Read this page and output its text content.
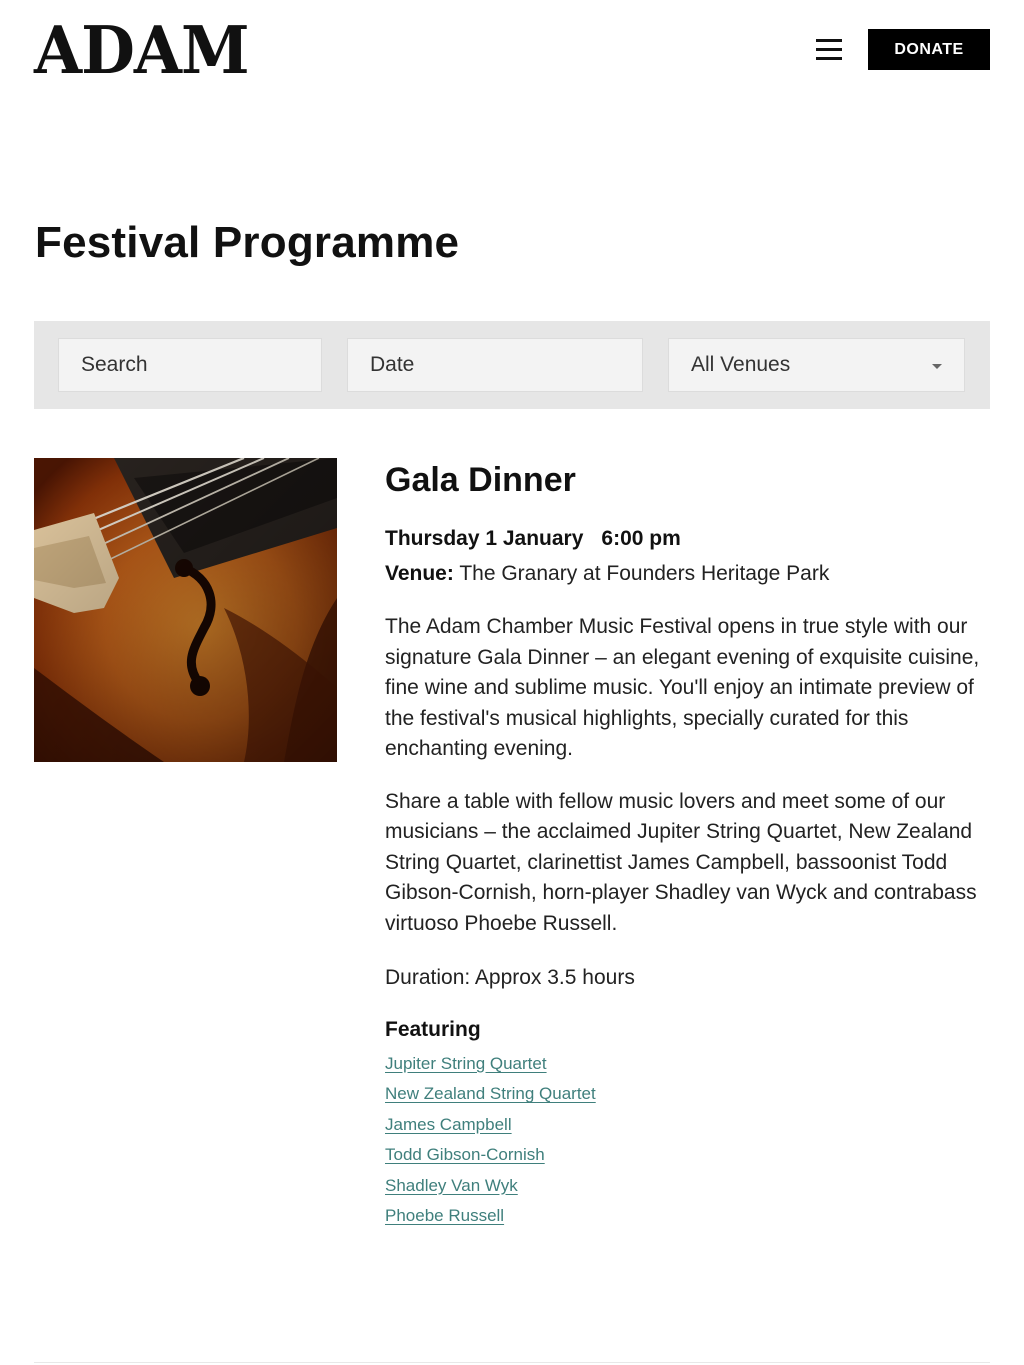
ADAM	DONATE
Festival Programme
Search
Date
All Venues
Gala Dinner
Thursday 1 January 6:00 pm
Venue: The Granary at Founders Heritage Park

The Adam Chamber Music Festival opens in true style with our signature Gala Dinner – an elegant evening of exquisite cuisine, fine wine and sublime music. You'll enjoy an intimate preview of the festival's musical highlights, specially curated for this enchanting evening.

Share a table with fellow music lovers and meet some of our musicians – the acclaimed Jupiter String Quartet, New Zealand String Quartet, clarinettist James Campbell, bassoonist Todd Gibson-Cornish, horn-player Shadley van Wyck and contrabass virtuoso Phoebe Russell.

Duration: Approx 3.5 hours

Featuring
Jupiter String Quartet
New Zealand String Quartet
James Campbell
Todd Gibson-Cornish
Shadley Van Wyk
Phoebe Russell
